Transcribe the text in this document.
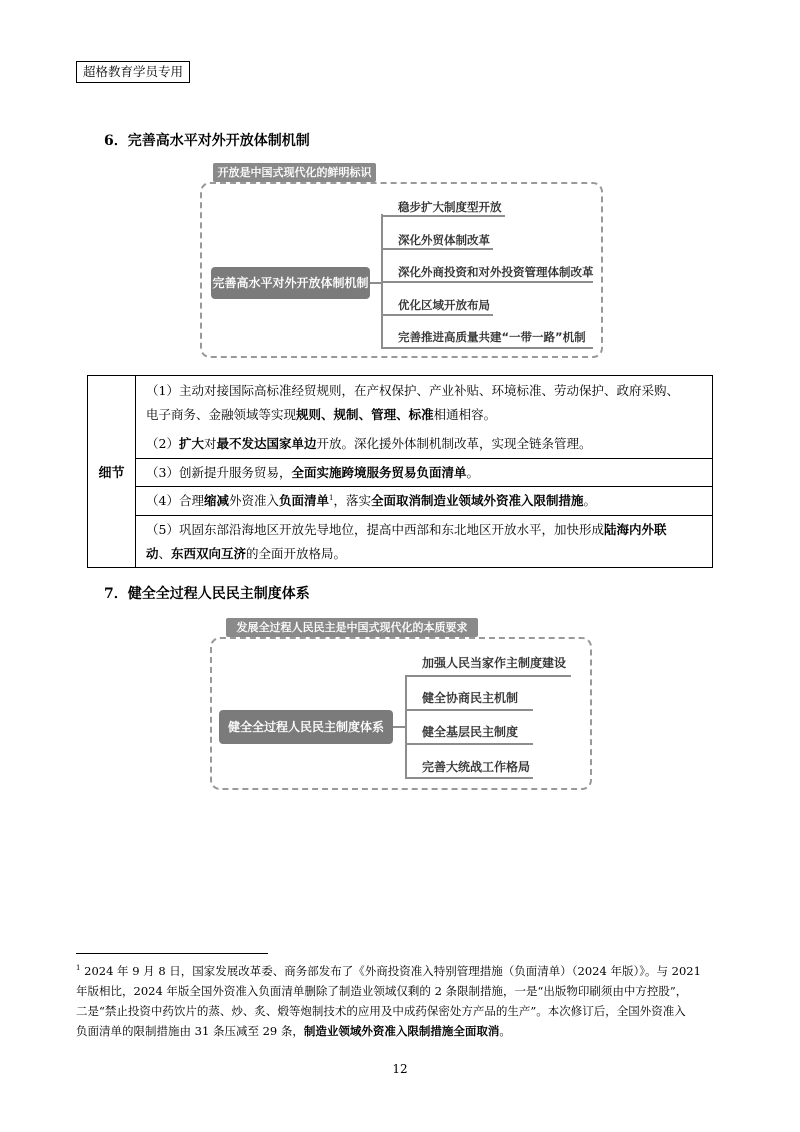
超格教育学员专用
6．完善高水平对外开放体制机制
开放是中国式现代化的鲜明标识
完善高水平对外开放体制机制
稳步扩大制度型开放
深化外贸体制改革
深化外商投资和对外投资管理体制改革
优化区域开放布局
完善推进高质量共建“一带一路”机制
细节
（1）主动对接国际高标准经贸规则，在产权保护、产业补贴、环境标准、劳动保护、政府采购、
电子商务、金融领域等实现规则、规制、管理、标准相通相容。
（2）扩大对最不发达国家单边开放。深化援外体制机制改革，实现全链条管理。
（3）创新提升服务贸易，全面实施跨境服务贸易负面清单。
（4）合理缩减外资准入负面清单$^1$，落实全面取消制造业领域外资准入限制措施。
（5）巩固东部沿海地区开放先导地位，提高中西部和东北地区开放水平，加快形成陆海内外联
动、东西双向互济的全面开放格局。
7．健全全过程人民民主制度体系
发展全过程人民民主是中国式现代化的本质要求
健全全过程人民民主制度体系
加强人民当家作主制度建设
健全协商民主机制
健全基层民主制度
完善大统战工作格局
$^1$ 2024 年 9 月 8 日，国家发展改革委、商务部发布了《外商投资准入特别管理措施（负面清单）（2024 年版）》。与 2021
年版相比，2024 年版全国外资准入负面清单删除了制造业领域仅剩的 2 条限制措施，一是“出版物印刷须由中方控股”，
二是“禁止投资中药饮片的蒸、炒、炙、煅等炮制技术的应用及中成药保密处方产品的生产”。本次修订后，全国外资准入
负面清单的限制措施由 31 条压减至 29 条，制造业领域外资准入限制措施全面取消。
12
